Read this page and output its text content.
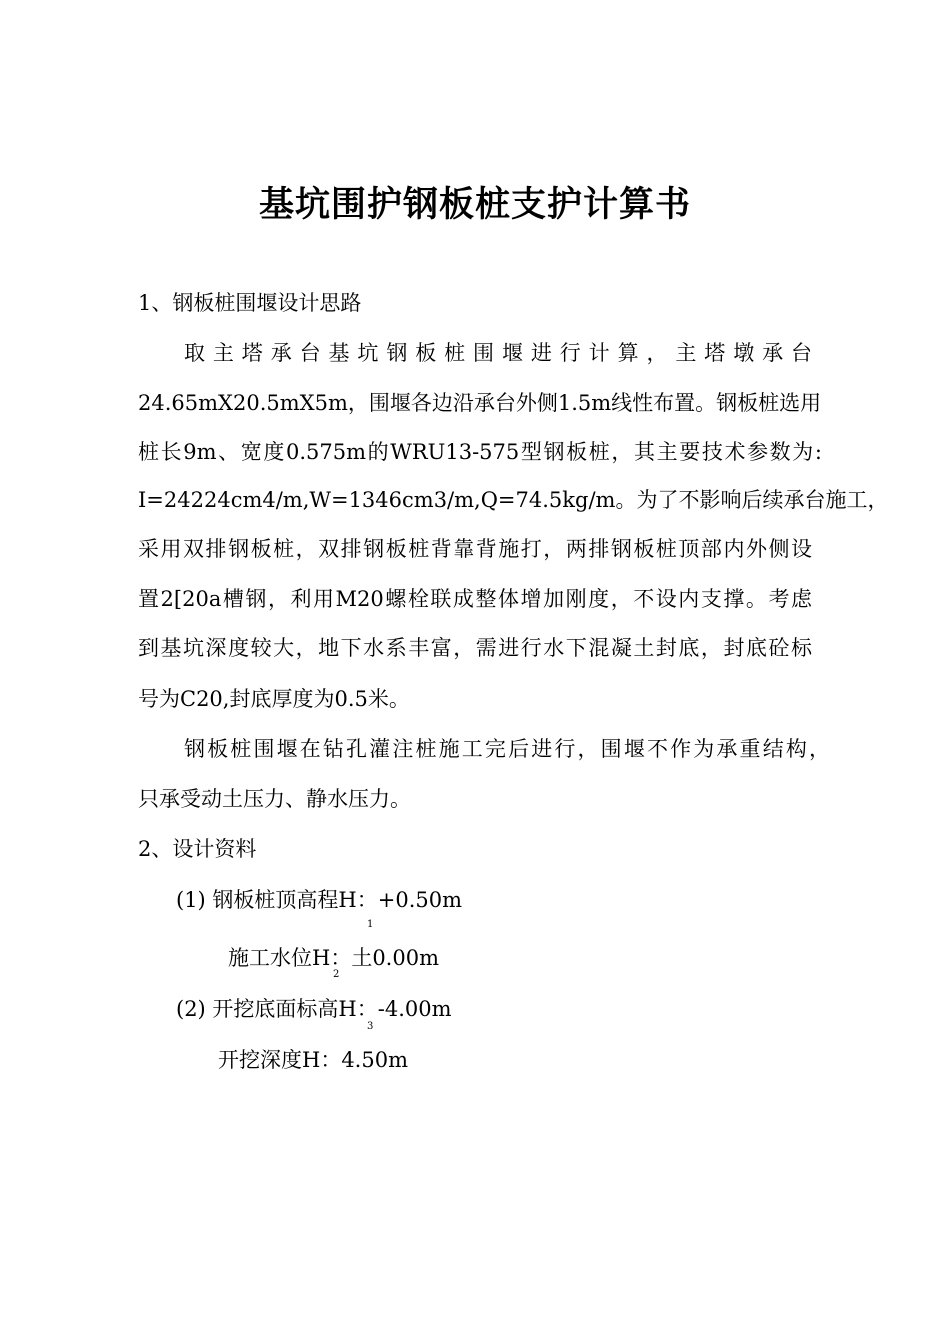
基坑围护钢板桩支护计算书
1、钢板桩围堰设计思路
取主塔承台基坑钢板桩围堰进行计算，主塔墩承台
24.65mX20.5mX5m，围堰各边沿承台外侧1.5m线性布置。钢板桩选用
桩长9m、宽度0.575m的WRU13-575型钢板桩，其主要技术参数为:
I=24224cm4/m,W=1346cm3/m,Q=74.5kg/m。为了不影响后续承台施工，
采用双排钢板桩，双排钢板桩背靠背施打，两排钢板桩顶部内外侧设
置2[20a槽钢，利用M20螺栓联成整体增加刚度，不设内支撑。考虑
到基坑深度较大，地下水系丰富，需进行水下混凝土封底，封底砼标
号为C20,封底厚度为0.5米。
钢板桩围堰在钻孔灌注桩施工完后进行，围堰不作为承重结构，
只承受动土压力、静水压力。
2、设计资料
(1) 钢板桩顶高程H：+0.50m
1
施工水位H：土0.00m
2
(2) 开挖底面标高H：-4.00m
3
开挖深度H：4.50m
